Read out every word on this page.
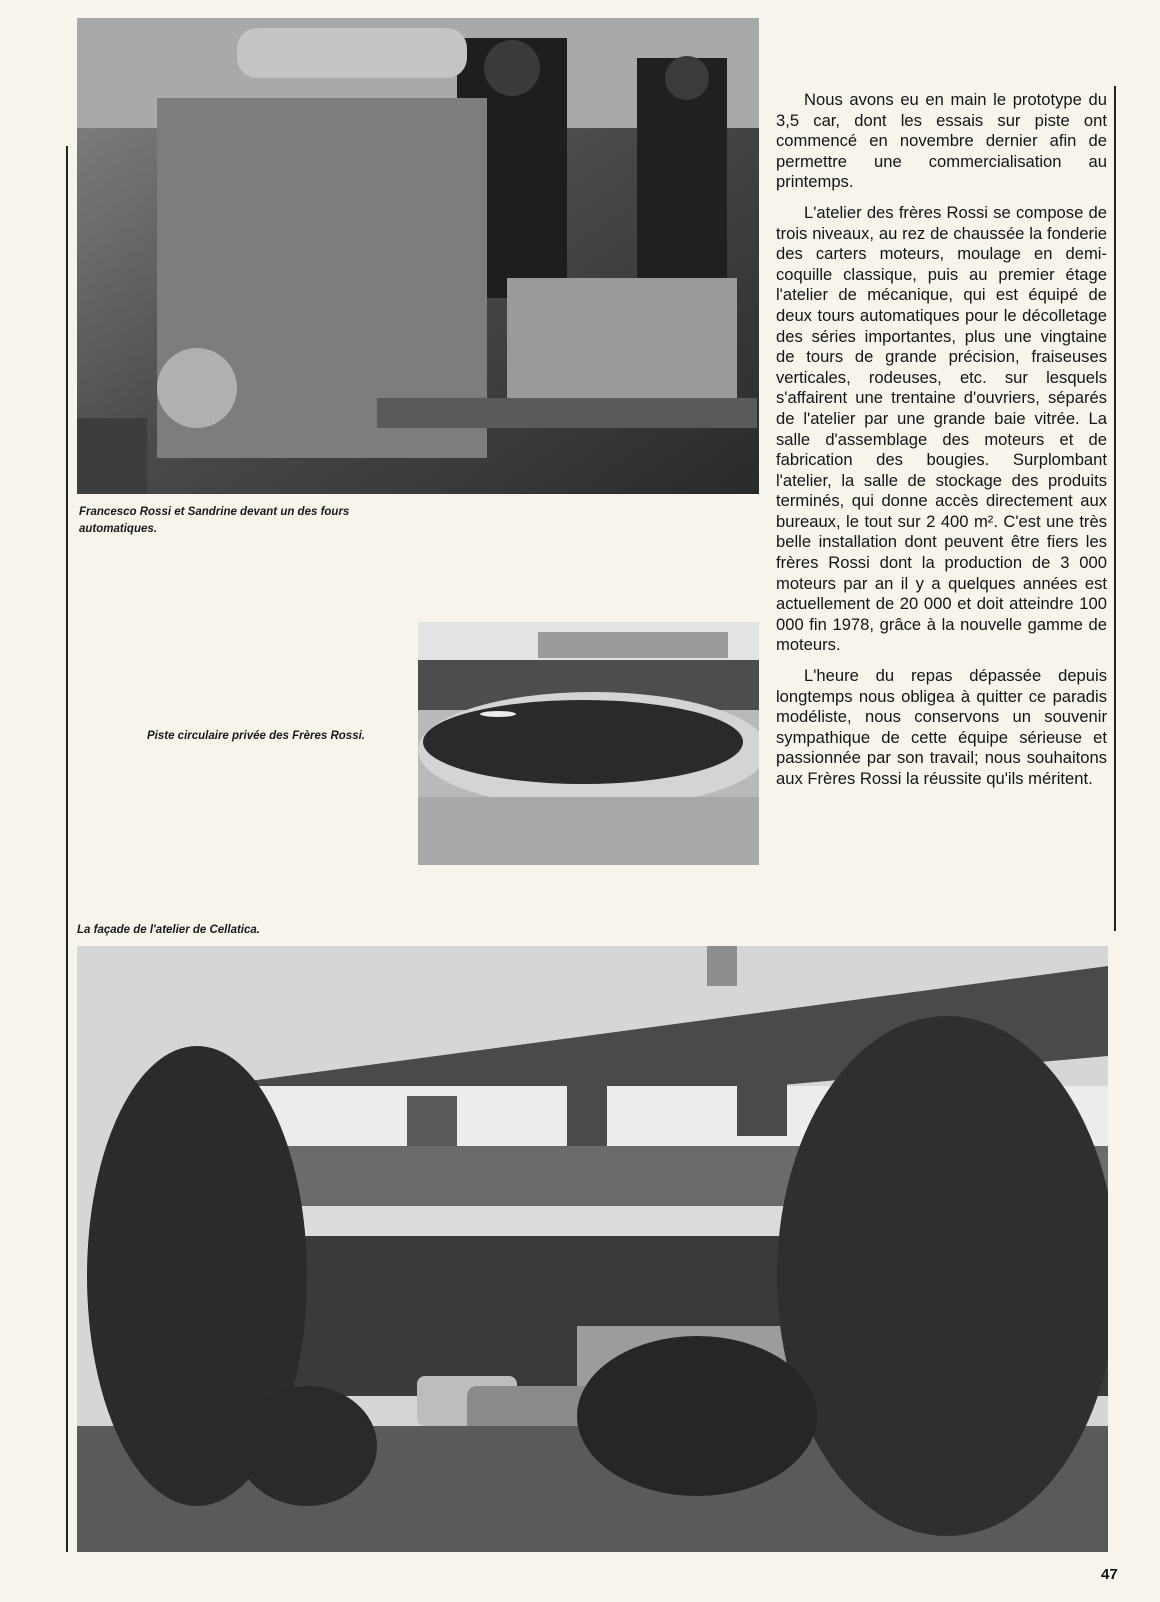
Francesco Rossi et Sandrine devant un des fours automatiques.
Piste circulaire privée des Frères Rossi.
La façade de l'atelier de Cellatica.

Nous avons eu en main le prototype du 3,5 car, dont les essais sur piste ont commencé en novembre dernier afin de permettre une commercialisation au printemps.

L'atelier des frères Rossi se compose de trois niveaux, au rez de chaussée la fonderie des carters moteurs, moulage en demi-coquille classique, puis au premier étage l'atelier de mécanique, qui est équipé de deux tours automatiques pour le décolletage des séries importantes, plus une vingtaine de tours de grande précision, fraiseuses verticales, rodeuses, etc. sur lesquels s'affairent une trentaine d'ouvriers, séparés de l'atelier par une grande baie vitrée. La salle d'assemblage des moteurs et de fabrication des bougies. Surplombant l'atelier, la salle de stockage des produits terminés, qui donne accès directement aux bureaux, le tout sur 2 400 m². C'est une très belle installation dont peuvent être fiers les frères Rossi dont la production de 3 000 moteurs par an il y a quelques années est actuellement de 20 000 et doit atteindre 100 000 fin 1978, grâce à la nouvelle gamme de moteurs.

L'heure du repas dépassée depuis longtemps nous obligea à quitter ce paradis modéliste, nous conservons un souvenir sympathique de cette équipe sérieuse et passionnée par son travail; nous souhaitons aux Frères Rossi la réussite qu'ils méritent.

47
